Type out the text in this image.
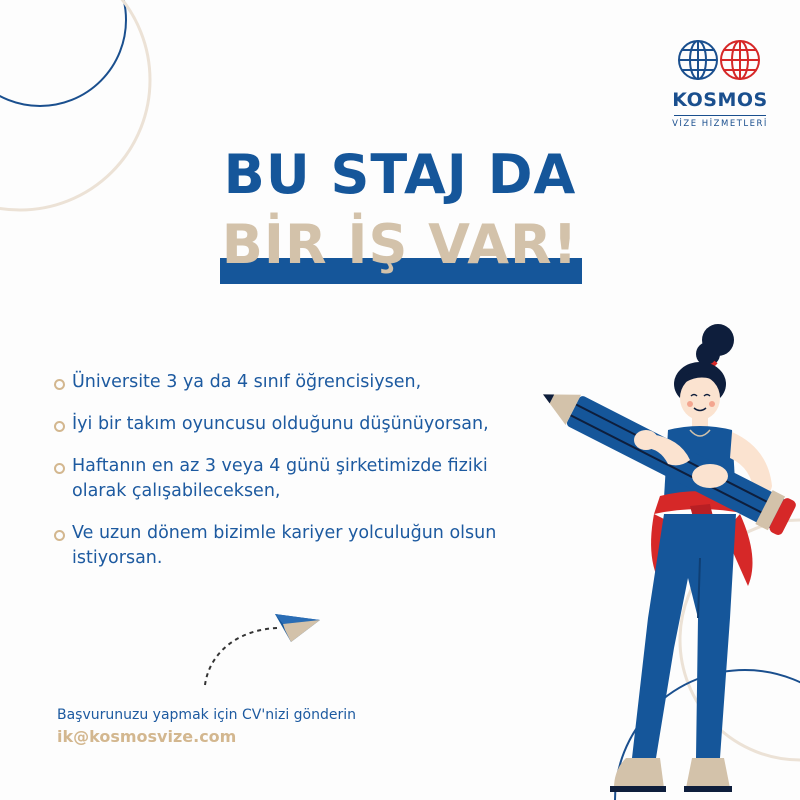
KOSMOS
VİZE HİZMETLERİ
BU STAJ DA
BİR İŞ VAR!
Üniversite 3 ya da 4 sınıf öğrencisiysen,
İyi bir takım oyuncusu olduğunu düşünüyorsan,
Haftanın en az 3 veya 4 günü şirketimizde fiziki olarak çalışabileceksen,
Ve uzun dönem bizimle kariyer yolculuğun olsun istiyorsan.
Başvurunuzu yapmak için CV'nizi gönderin
ik@kosmosvize.com
